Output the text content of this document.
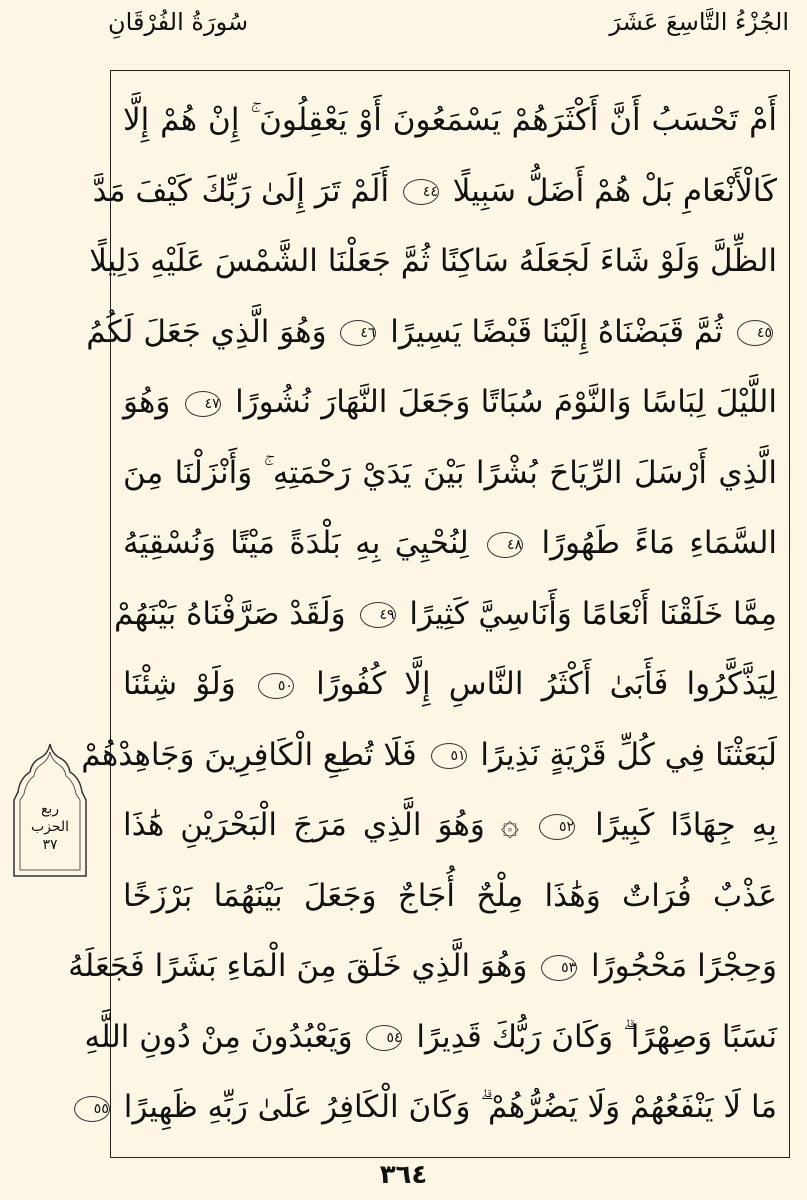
الجُزْءُ التَّاسِعَ عَشَرَ
سُورَةُ الفُرْقَانِ
أَمْ تَحْسَبُ أَنَّ أَكْثَرَهُمْ يَسْمَعُونَ أَوْ يَعْقِلُونَ ۚ إِنْ هُمْ إِلَّا
كَالْأَنْعَامِ بَلْ هُمْ أَضَلُّ سَبِيلًا ٤٤ أَلَمْ تَرَ إِلَىٰ رَبِّكَ كَيْفَ مَدَّ
الظِّلَّ وَلَوْ شَاءَ لَجَعَلَهُ سَاكِنًا ثُمَّ جَعَلْنَا الشَّمْسَ عَلَيْهِ دَلِيلًا
٤٥ ثُمَّ قَبَضْنَاهُ إِلَيْنَا قَبْضًا يَسِيرًا ٤٦ وَهُوَ الَّذِي جَعَلَ لَكُمُ
اللَّيْلَ لِبَاسًا وَالنَّوْمَ سُبَاتًا وَجَعَلَ النَّهَارَ نُشُورًا ٤٧ وَهُوَ
الَّذِي أَرْسَلَ الرِّيَاحَ بُشْرًا بَيْنَ يَدَيْ رَحْمَتِهِ ۚ وَأَنْزَلْنَا مِنَ
السَّمَاءِ مَاءً طَهُورًا ٤٨ لِنُحْيِيَ بِهِ بَلْدَةً مَيْتًا وَنُسْقِيَهُ
مِمَّا خَلَقْنَا أَنْعَامًا وَأَنَاسِيَّ كَثِيرًا ٤٩ وَلَقَدْ صَرَّفْنَاهُ بَيْنَهُمْ
لِيَذَّكَّرُوا فَأَبَىٰ أَكْثَرُ النَّاسِ إِلَّا كُفُورًا ٥٠ وَلَوْ شِئْنَا
لَبَعَثْنَا فِي كُلِّ قَرْيَةٍ نَذِيرًا ٥١ فَلَا تُطِعِ الْكَافِرِينَ وَجَاهِدْهُمْ
بِهِ جِهَادًا كَبِيرًا ٥٢ ۞ وَهُوَ الَّذِي مَرَجَ الْبَحْرَيْنِ هَٰذَا
عَذْبٌ فُرَاتٌ وَهَٰذَا مِلْحٌ أُجَاجٌ وَجَعَلَ بَيْنَهُمَا بَرْزَخًا
وَحِجْرًا مَحْجُورًا ٥٣ وَهُوَ الَّذِي خَلَقَ مِنَ الْمَاءِ بَشَرًا فَجَعَلَهُ
نَسَبًا وَصِهْرًا ۗ وَكَانَ رَبُّكَ قَدِيرًا ٥٤ وَيَعْبُدُونَ مِنْ دُونِ اللَّهِ
مَا لَا يَنْفَعُهُمْ وَلَا يَضُرُّهُمْ ۗ وَكَانَ الْكَافِرُ عَلَىٰ رَبِّهِ ظَهِيرًا ٥٥
ربع
الحزب
٣٧
٣٦٤
